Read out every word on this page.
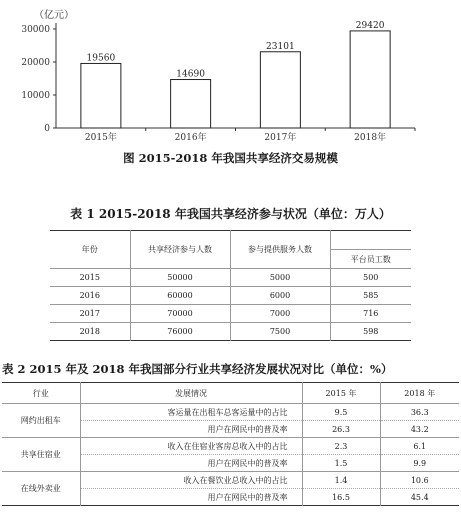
（亿元）
0
10000
20000
30000
19560
2015年
14690
2016年
23101
2017年
29420
2018年
图 2015-2018 年我国共享经济交易规模
表 1 2015-2018 年我国共享经济参与状况（单位：万人）
年份	共享经济参与人数	参与提供服务人数	
			平台员工数
2015	50000	5000	500
2016	60000	6000	585
2017	70000	7000	716
2018	76000	7500	598
表 2 2015 年及 2018 年我国部分行业共享经济发展状况对比（单位：%）
行业	发展情况	2015 年	2018 年
网约出租车	客运量在出租车总客运量中的占比	9.5	36.3
	用户在网民中的普及率	26.3	43.2
共享住宿业	收入在住宿业客房总收入中的占比	2.3	6.1
	用户在网民中的普及率	1.5	9.9
在线外卖业	收入在餐饮业总收入中的占比	1.4	10.6
	用户在网民中的普及率	16.5	45.4
